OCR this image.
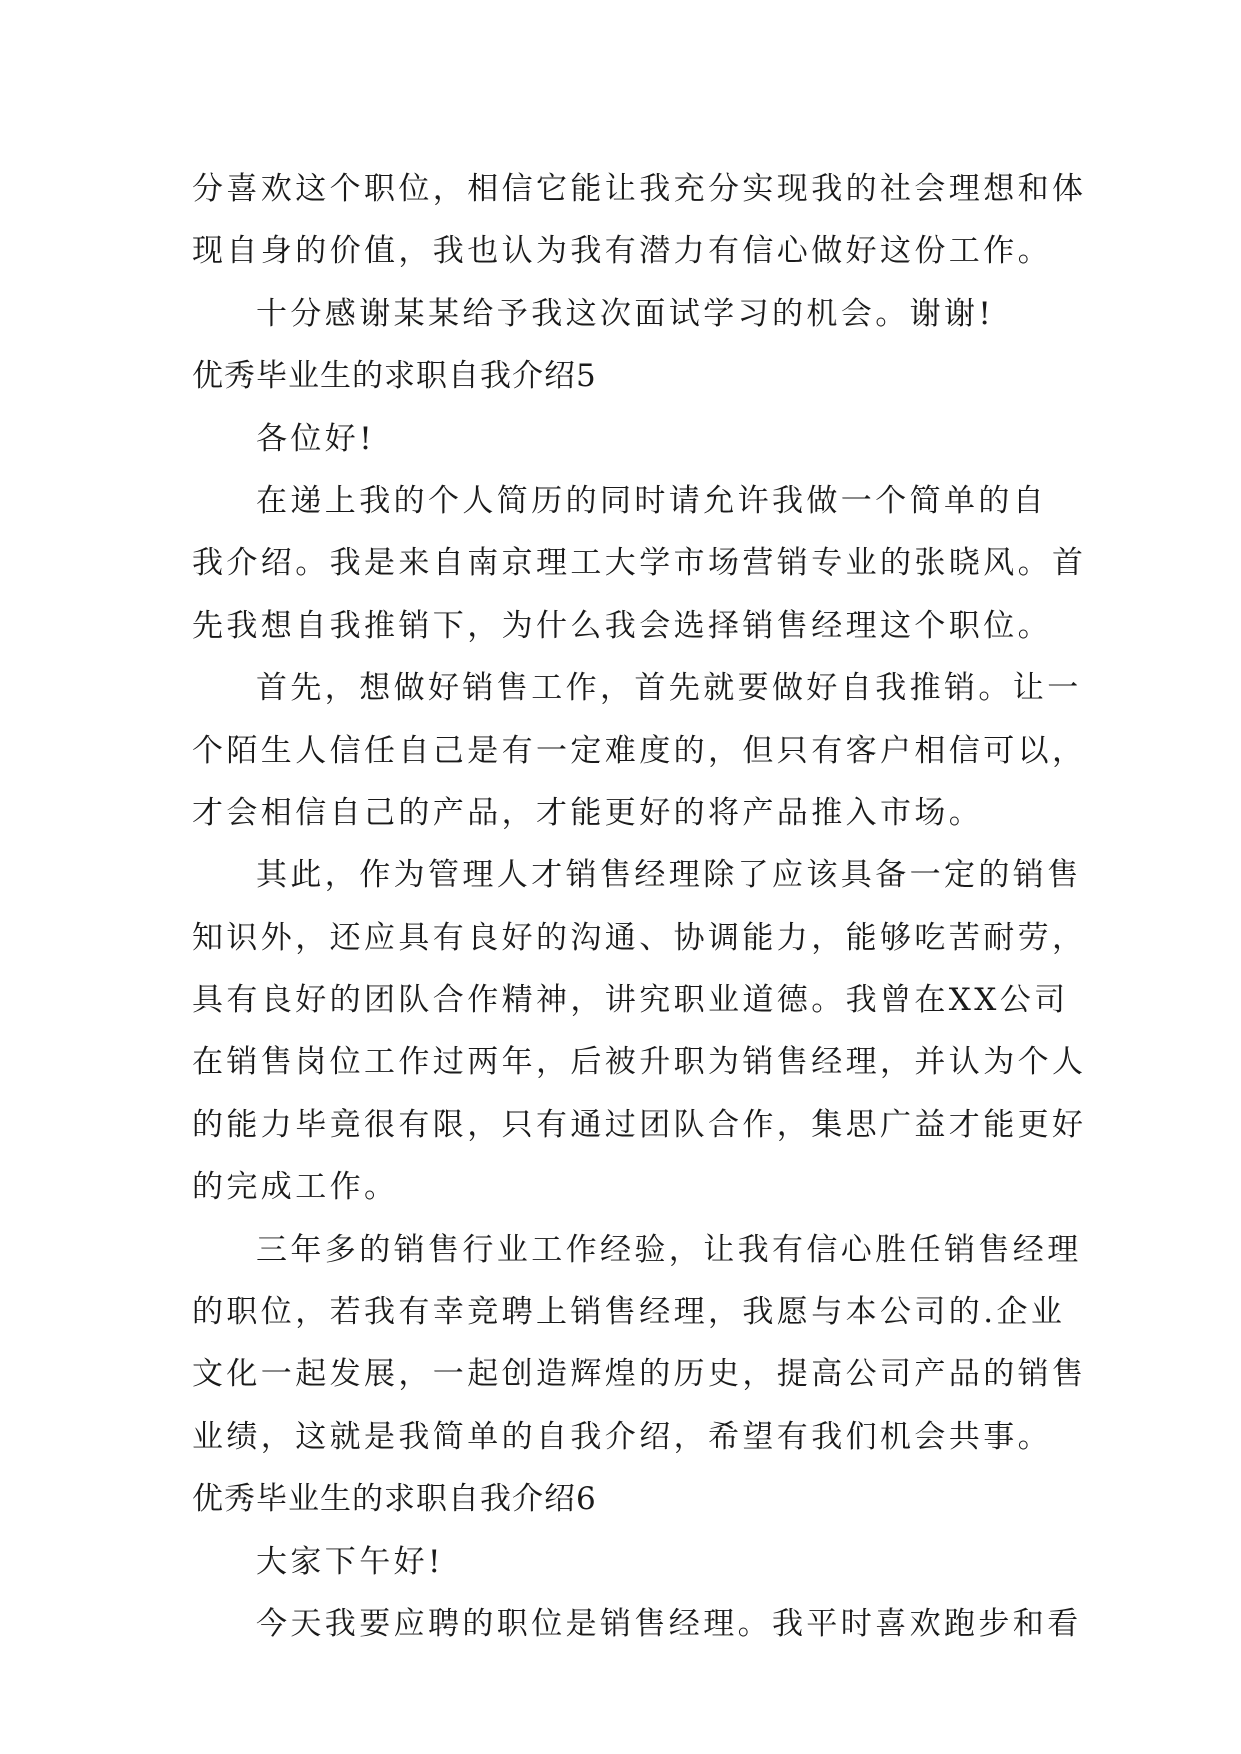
分喜欢这个职位，相信它能让我充分实现我的社会理想和体
现自身的价值，我也认为我有潜力有信心做好这份工作。
十分感谢某某给予我这次面试学习的机会。谢谢!
优秀毕业生的求职自我介绍5
各位好!
在递上我的个人简历的同时请允许我做一个简单的自
我介绍。我是来自南京理工大学市场营销专业的张晓风。首
先我想自我推销下，为什么我会选择销售经理这个职位。
首先，想做好销售工作，首先就要做好自我推销。让一
个陌生人信任自己是有一定难度的，但只有客户相信可以，
才会相信自己的产品，才能更好的将产品推入市场。
其此，作为管理人才销售经理除了应该具备一定的销售
知识外，还应具有良好的沟通、协调能力，能够吃苦耐劳，
具有良好的团队合作精神，讲究职业道德。我曾在XX公司
在销售岗位工作过两年，后被升职为销售经理，并认为个人
的能力毕竟很有限，只有通过团队合作，集思广益才能更好
的完成工作。
三年多的销售行业工作经验，让我有信心胜任销售经理
的职位，若我有幸竞聘上销售经理，我愿与本公司的.企业
文化一起发展，一起创造辉煌的历史，提高公司产品的销售
业绩，这就是我简单的自我介绍，希望有我们机会共事。
优秀毕业生的求职自我介绍6
大家下午好!
今天我要应聘的职位是销售经理。我平时喜欢跑步和看
